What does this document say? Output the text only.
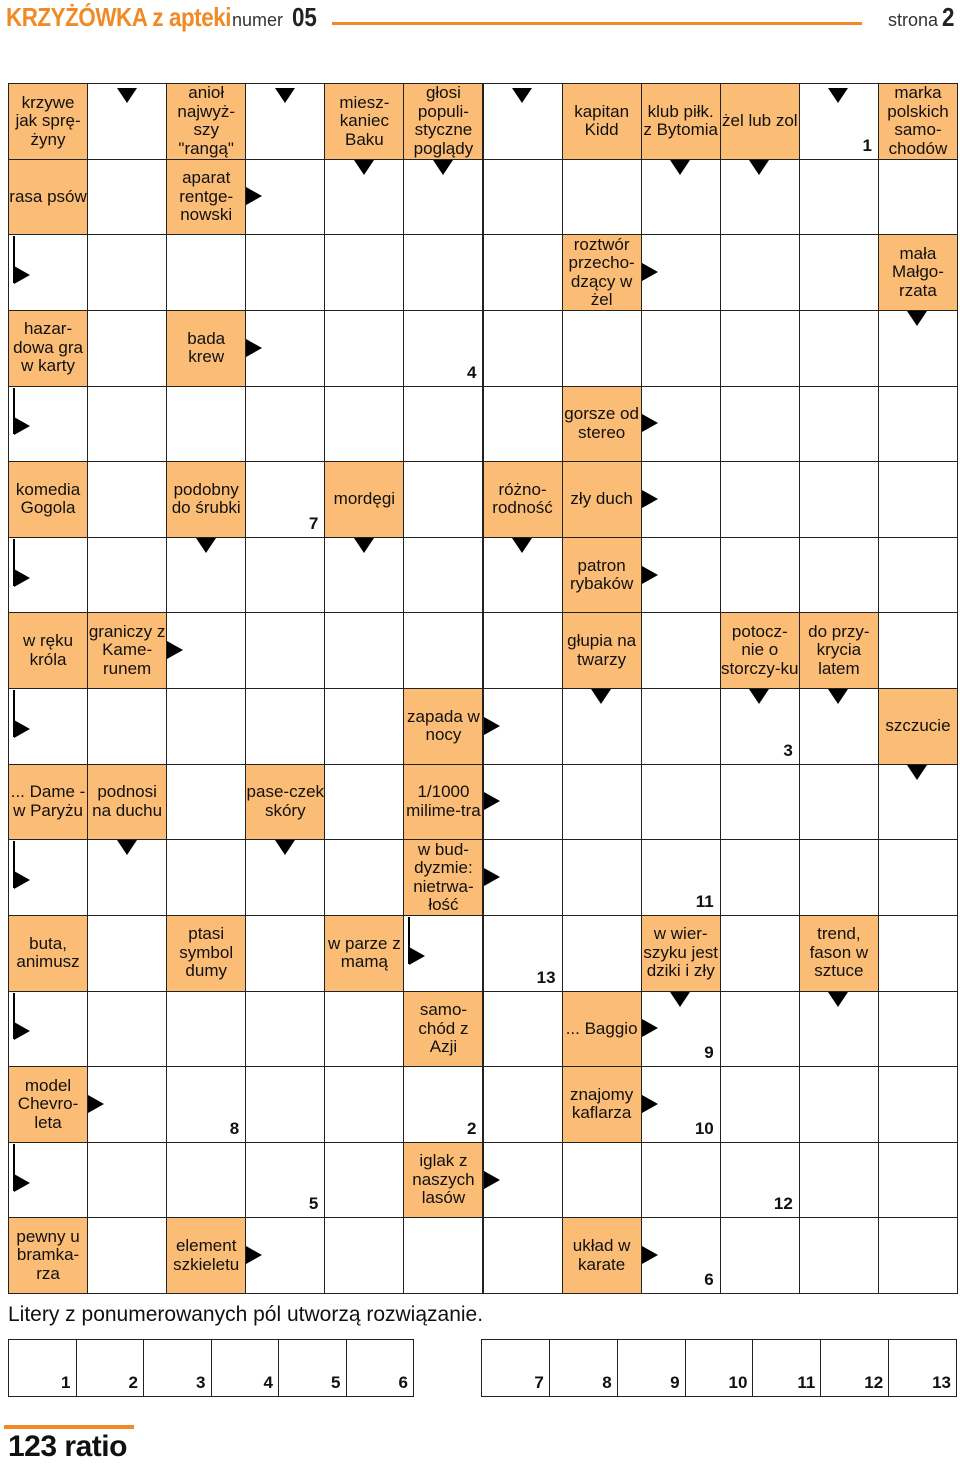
KRZYŻÓWKA z apteki numer 05	strona 2
krzywe jak sprę-żyny
anioł najwyż-szy "rangą"
miesz-kaniec Baku
głosi populi-styczne poglądy
kapitan Kidd
klub piłk. z Bytomia żel lub zol
1
marka polskich samo-chodów
rasa psów
aparat rentge-nowski
roztwór przecho-dzący w żel
mała Małgo-rzata
hazar-dowa gra w karty
bada krew
4
gorsze od stereo
komedia Gogola
podobny do śrubki
7
mordęgi	różno-rodność	zły duch
patron rybaków
w ręku króla
graniczy z Kame-runem
głupia na twarzy
potocz-nie o storczy-ku
do przy-krycia latem
zapada w nocy
3
szczucie
... Dame - w Paryżu
podnosi na duchu
pase-czek skóry
1/1000 milime-tra
w bud-dyzmie: nietrwa-łość	11
buta, animusz
ptasi symbol dumy
w parze z mamą
13
w wier-szyku jest dziki i zły
trend, fason w sztuce
samo-chód z Azji
... Baggio
9
model Chevro-leta	8	2
znajomy kaflarza
10
5
iglak z naszych lasów	12
pewny u bramka-rza
element szkieletu
układ w karate
6
Litery z ponumerowanych pól utworzą rozwiązanie.
1	2	3	4	5	6	7	8	9	10	11	12	13
123 ratio
